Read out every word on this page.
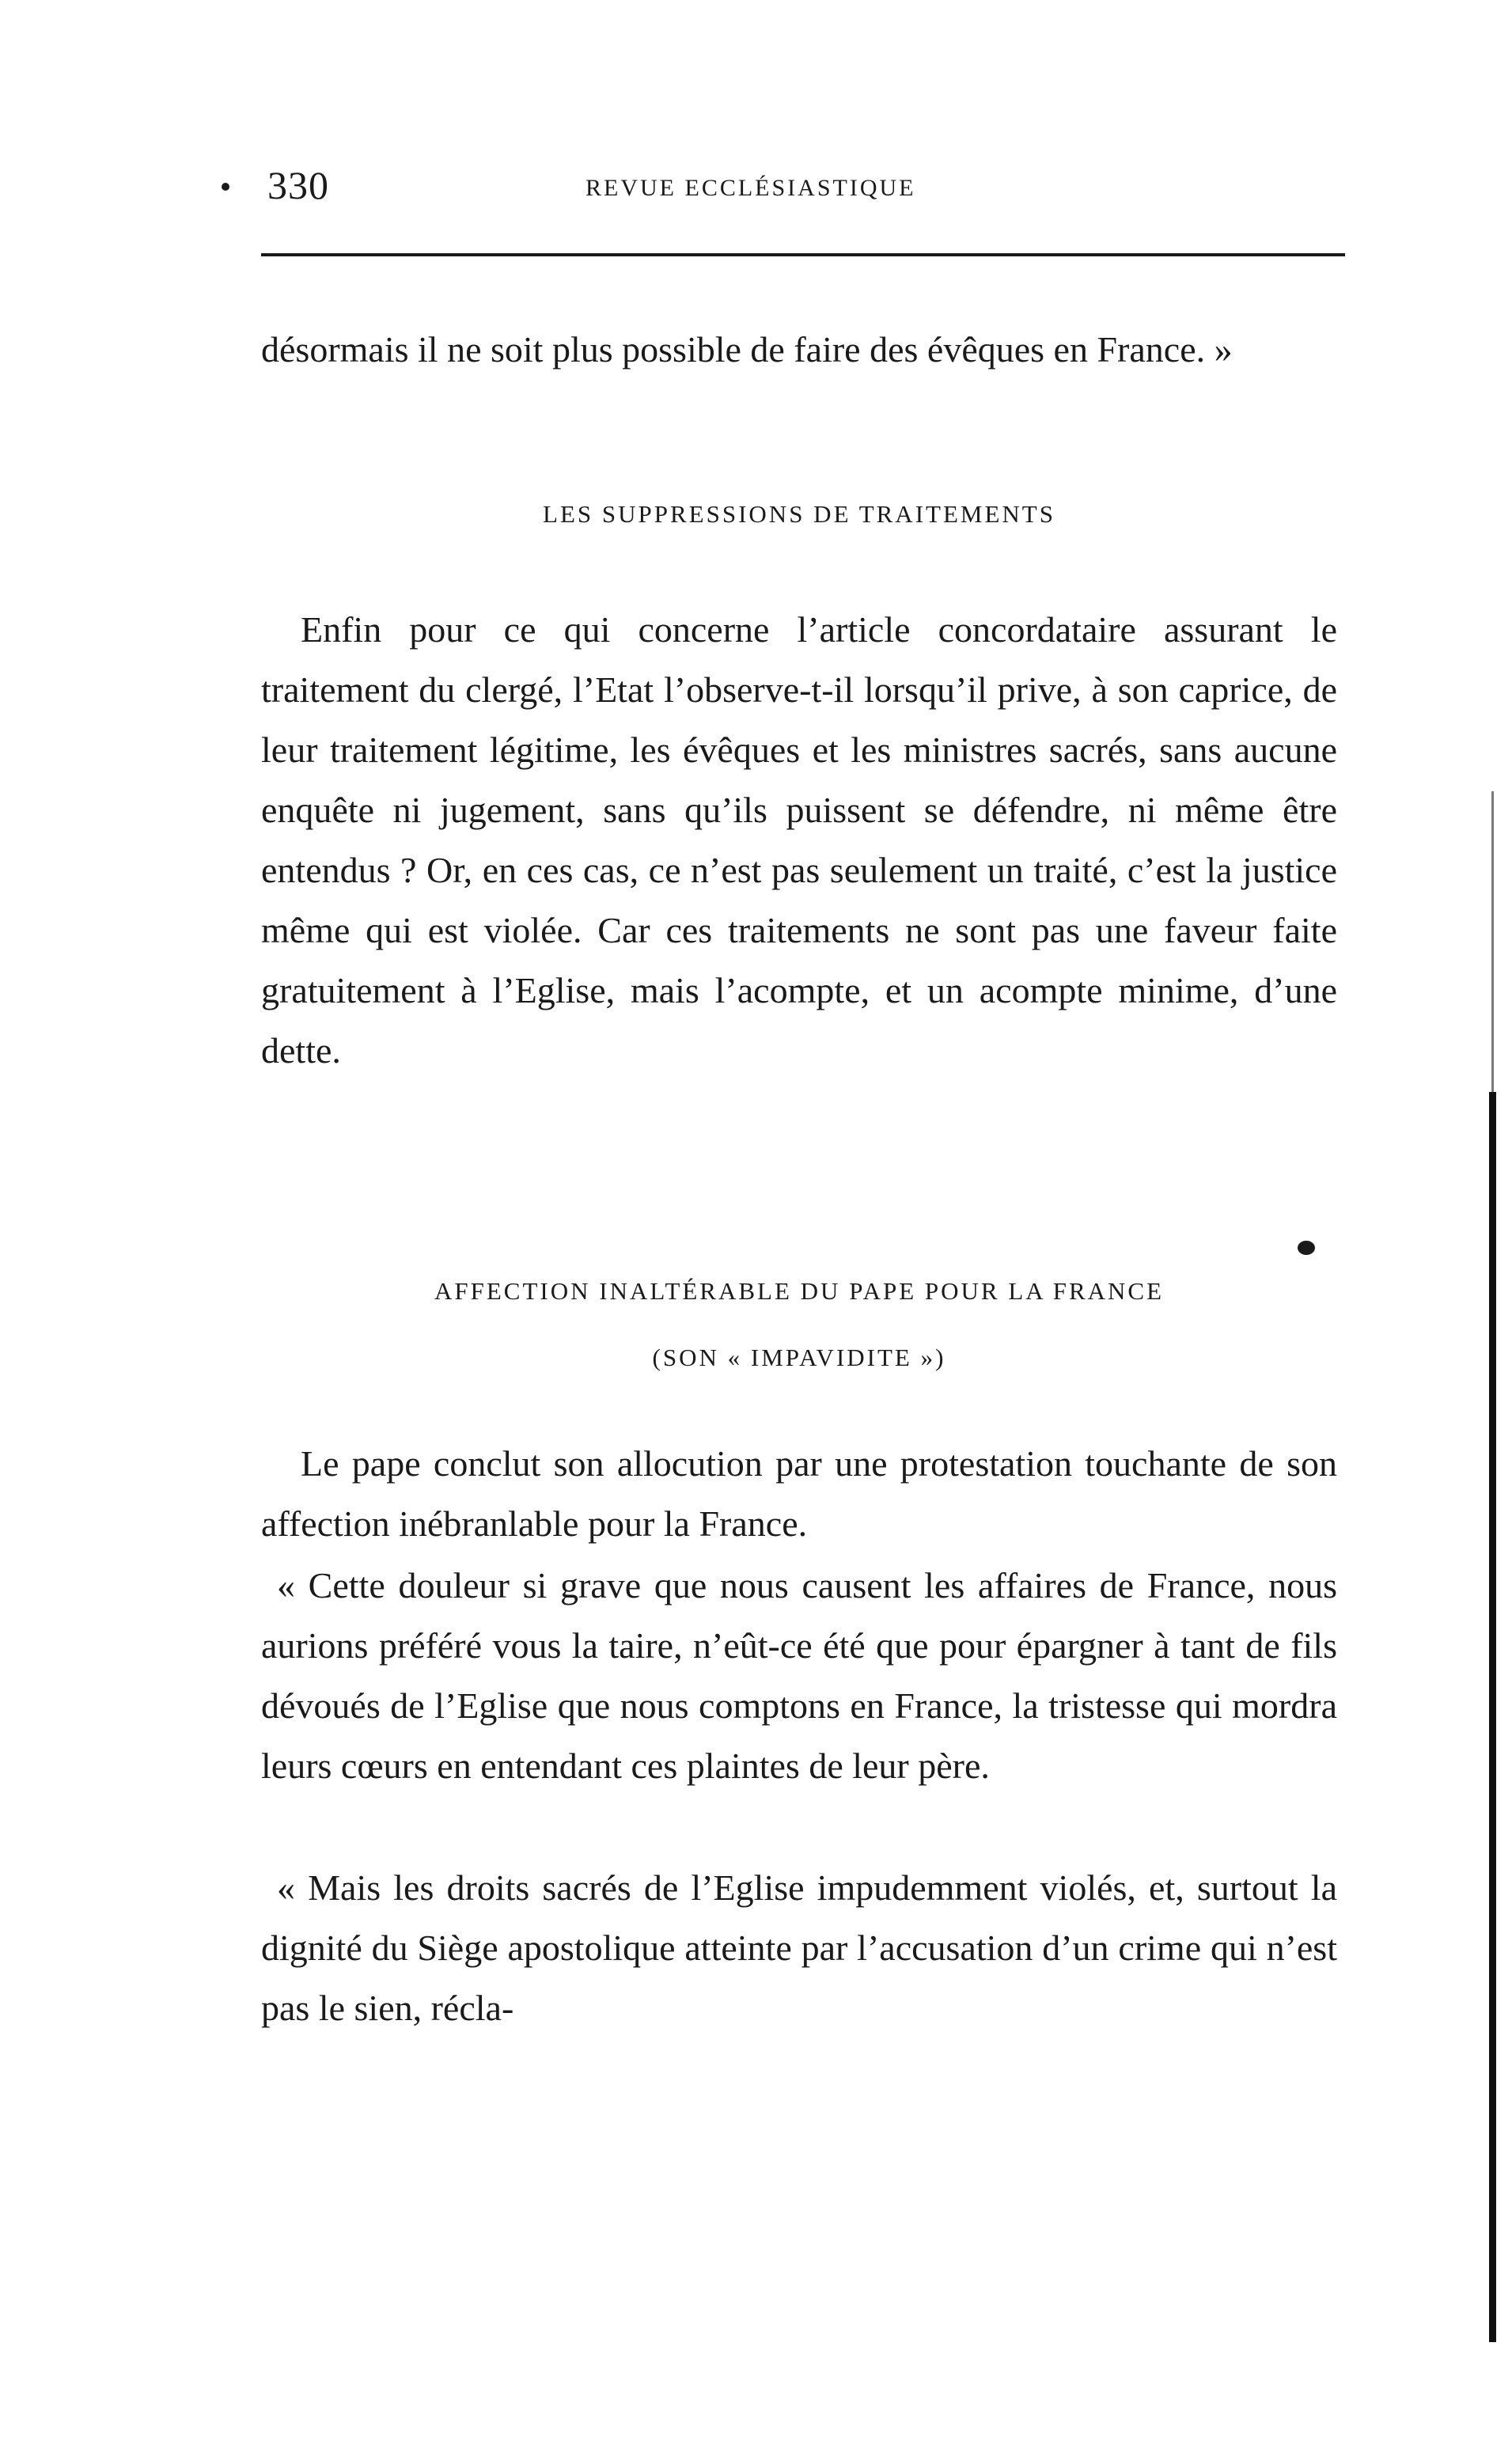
330	REVUE ECCLÉSIASTIQUE

désormais il ne soit plus possible de faire des évêques en France. »

LES SUPPRESSIONS DE TRAITEMENTS

Enfin pour ce qui concerne l’article concordataire assurant le traitement du clergé, l’Etat l’observe-t-il lorsqu’il prive, à son caprice, de leur traitement légitime, les évêques et les ministres sacrés, sans aucune enquête ni jugement, sans qu’ils puissent se défendre, ni même être entendus ? Or, en ces cas, ce n’est pas seulement un traité, c’est la justice même qui est violée. Car ces traitements ne sont pas une faveur faite gratuitement à l’Eglise, mais l’acompte, et un acompte minime, d’une dette.

AFFECTION INALTÉRABLE DU PAPE POUR LA FRANCE
(SON « IMPAVIDITE »)

Le pape conclut son allocution par une protestation touchante de son affection inébranlable pour la France.

« Cette douleur si grave que nous causent les affaires de France, nous aurions préféré vous la taire, n’eût-ce été que pour épargner à tant de fils dévoués de l’Eglise que nous comptons en France, la tristesse qui mordra leurs cœurs en entendant ces plaintes de leur père.

« Mais les droits sacrés de l’Eglise impudemment violés, et, surtout la dignité du Siège apostolique atteinte par l’accusation d’un crime qui n’est pas le sien, récla-
